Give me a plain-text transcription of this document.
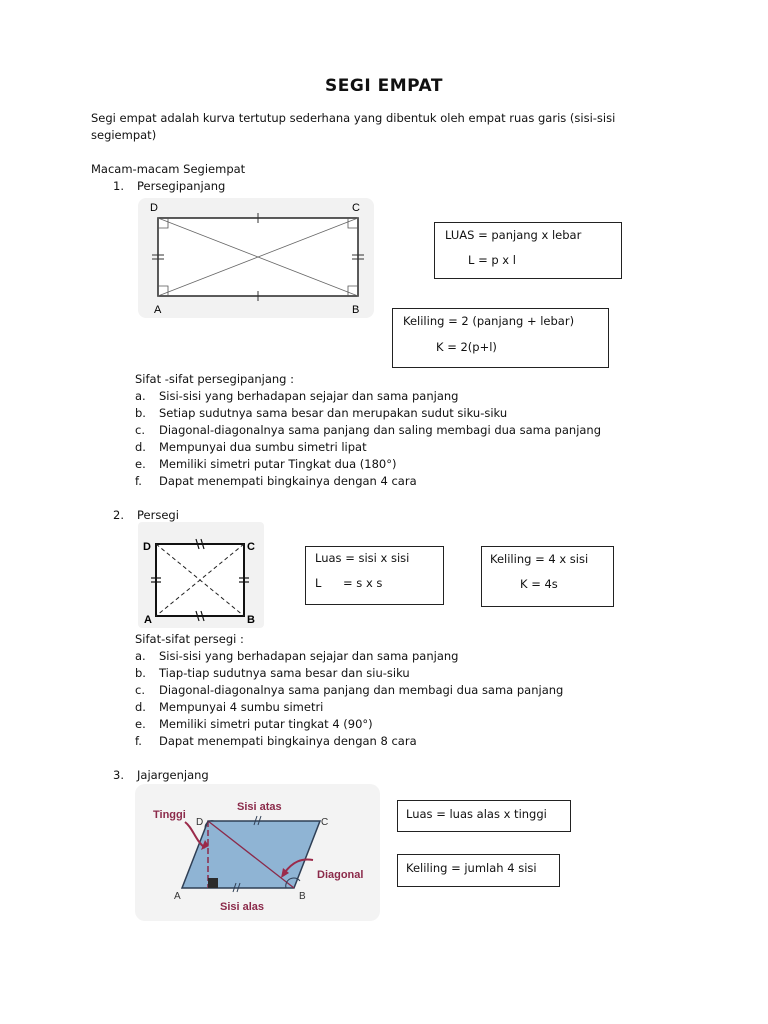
SEGI EMPAT
Segi empat adalah kurva tertutup sederhana yang dibentuk oleh empat ruas garis (sisi-sisi
segiempat)
Macam-macam Segiempat
1. Persegipanjang
D	C
A	B
LUAS = panjang x lebar
L = p x l
Keliling = 2 (panjang + lebar)
K = 2(p+l)
Sifat -sifat persegipanjang :
a. Sisi-sisi yang berhadapan sejajar dan sama panjang
b. Setiap sudutnya sama besar dan merupakan sudut siku-siku
c. Diagonal-diagonalnya sama panjang dan saling membagi dua sama panjang
d. Mempunyai dua sumbu simetri lipat
e. Memiliki simetri putar Tingkat dua (180°)
f. Dapat menempati bingkainya dengan 4 cara
2. Persegi
D	C
A	B
Luas = sisi x sisi
L = s x s
Keliling = 4 x sisi
K = 4s
Sifat-sifat persegi :
a. Sisi-sisi yang berhadapan sejajar dan sama panjang
b. Tiap-tiap sudutnya sama besar dan siu-siku
c. Diagonal-diagonalnya sama panjang dan membagi dua sama panjang
d. Mempunyai 4 sumbu simetri
e. Memiliki simetri putar tingkat 4 (90°)
f. Dapat menempati bingkainya dengan 8 cara
3. Jajargenjang
Tinggi
Sisi atas
Diagonal
Sisi alas
D	C
A	B
Luas = luas alas x tinggi
Keliling = jumlah 4 sisi
